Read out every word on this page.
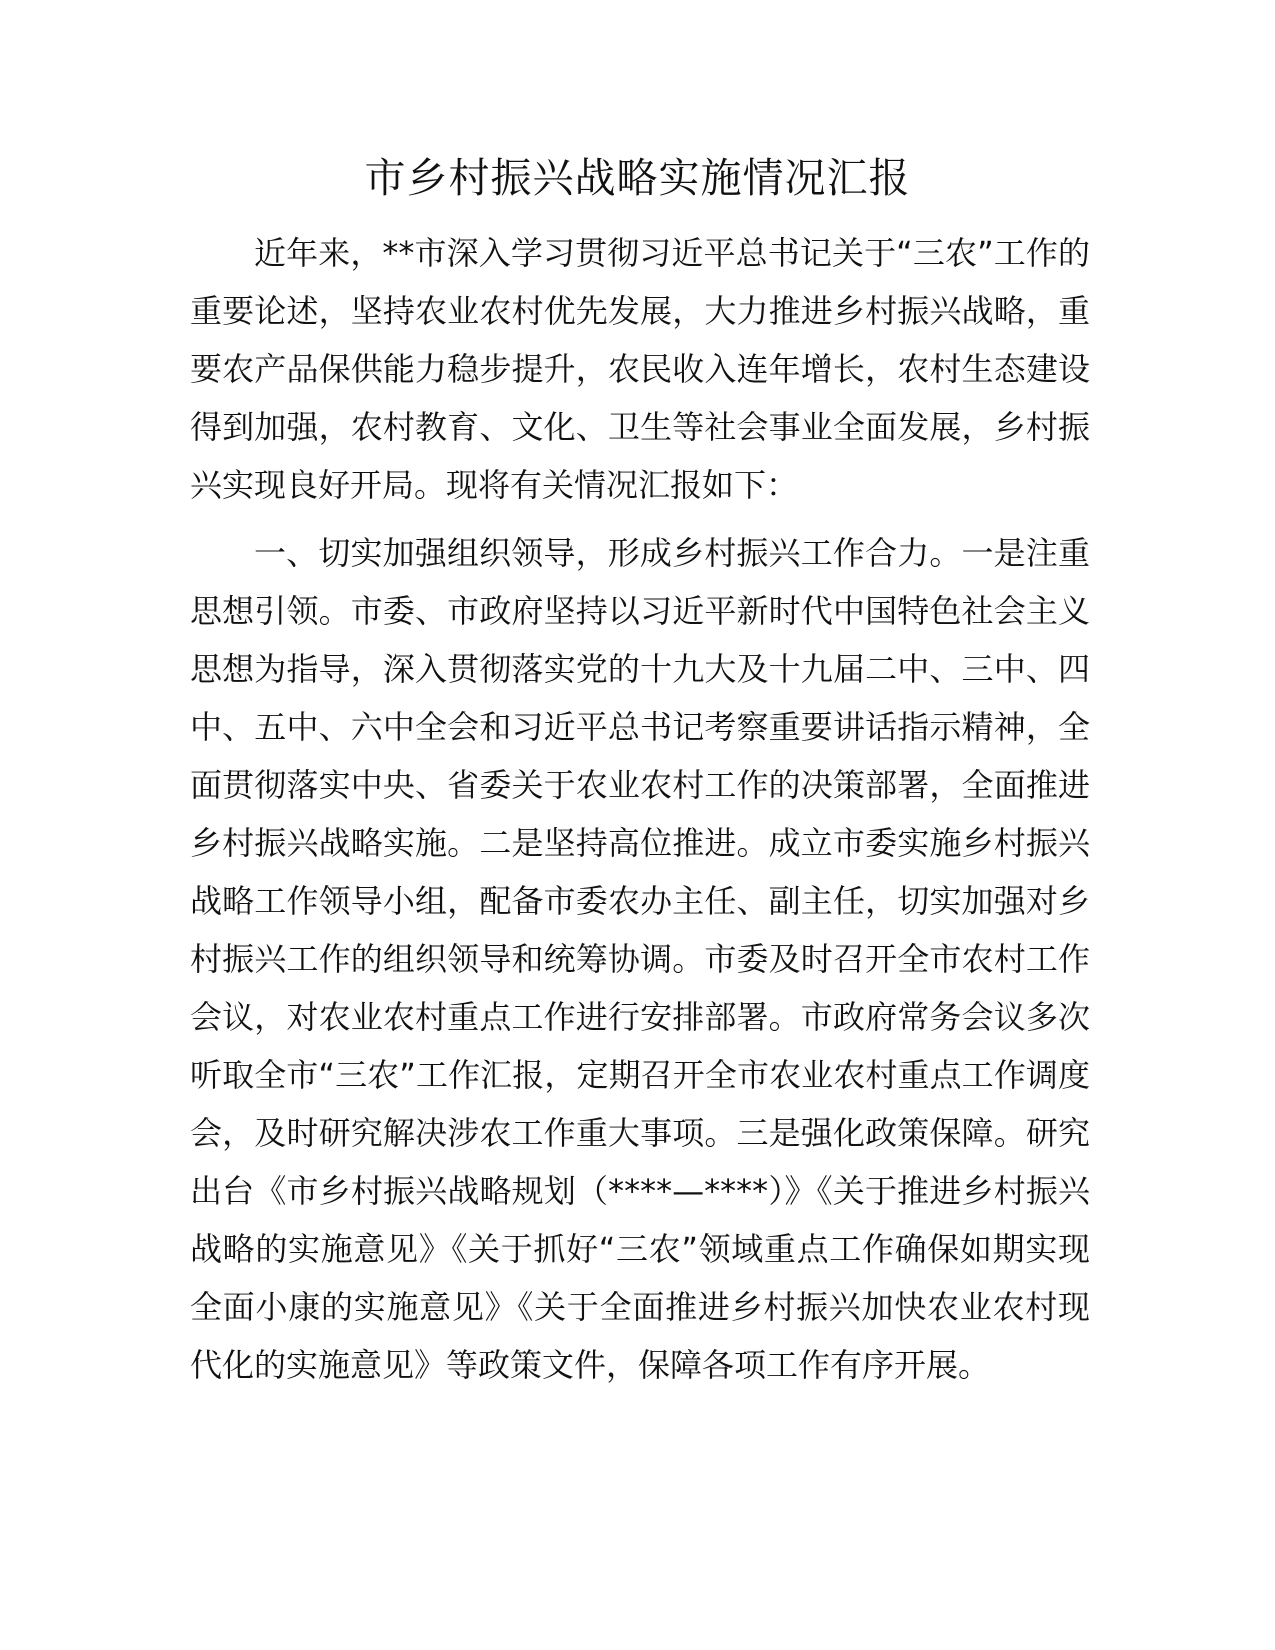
市乡村振兴战略实施情况汇报

近年来，**市深入学习贯彻习近平总书记关于“三农”工作的重要论述，坚持农业农村优先发展，大力推进乡村振兴战略，重要农产品保供能力稳步提升，农民收入连年增长，农村生态建设得到加强，农村教育、文化、卫生等社会事业全面发展，乡村振兴实现良好开局。现将有关情况汇报如下：

一、切实加强组织领导，形成乡村振兴工作合力。一是注重思想引领。市委、市政府坚持以习近平新时代中国特色社会主义思想为指导，深入贯彻落实党的十九大及十九届二中、三中、四中、五中、六中全会和习近平总书记考察重要讲话指示精神，全面贯彻落实中央、省委关于农业农村工作的决策部署，全面推进乡村振兴战略实施。二是坚持高位推进。成立市委实施乡村振兴战略工作领导小组，配备市委农办主任、副主任，切实加强对乡村振兴工作的组织领导和统筹协调。市委及时召开全市农村工作会议，对农业农村重点工作进行安排部署。市政府常务会议多次听取全市“三农”工作汇报，定期召开全市农业农村重点工作调度会，及时研究解决涉农工作重大事项。三是强化政策保障。研究出台《市乡村振兴战略规划（****—****）》《关于推进乡村振兴战略的实施意见》《关于抓好“三农”领域重点工作确保如期实现全面小康的实施意见》《关于全面推进乡村振兴加快农业农村现代化的实施意见》等政策文件，保障各项工作有序开展。
